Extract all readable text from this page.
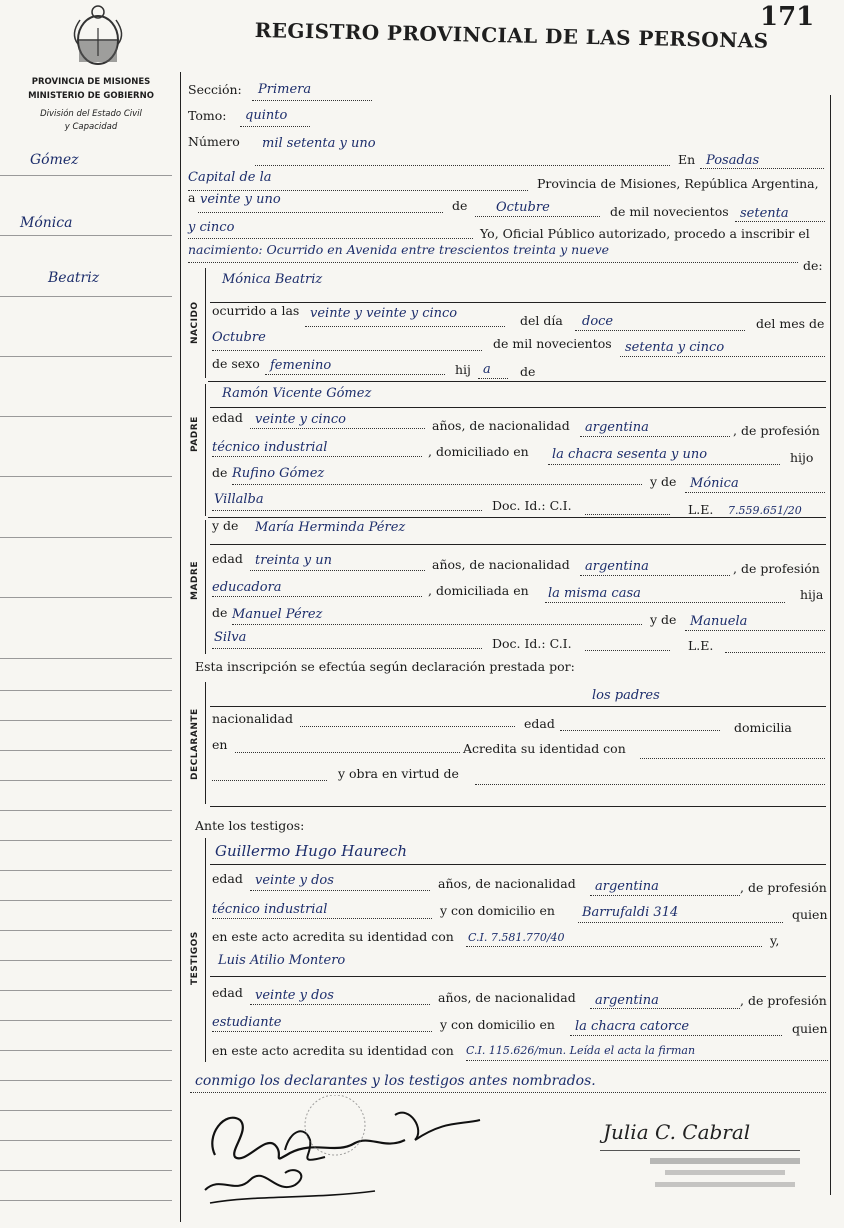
171
REGISTRO PROVINCIAL DE LAS PERSONAS
PROVINCIA DE MISIONES
MINISTERIO DE GOBIERNO
División del Estado Civil
y Capacidad
Gómez
Mónica
Beatriz
Sección: Primera
Tomo: quinto
Número mil setenta y uno
En Posadas
Capital de la	Provincia de Misiones, República Argentina,
a veinte y uno	de Octubre	de mil novecientos setenta
y cinco	Yo, Oficial Público autorizado, procedo a inscribir el
nacimiento: Ocurrido en Avenida entre trescientos treinta y nueve
de:
NACIDO
Mónica Beatriz
ocurrido a las veinte y veinte y cinco	del día doce	del mes de
Octubre	de mil novecientos setenta y cinco
de sexo femenino	hij a de
PADRE
Ramón Vicente Gómez
edad veinte y cinco	años, de nacionalidad argentina	, de profesión
técnico industrial	, domiciliado en la chacra sesenta y uno	hijo
de Rufino Gómez
y de Mónica
Villalba	Doc. Id.: C.I.	L.E. 7.559.651/20
MADRE
y de María Herminda Pérez
edad treinta y un	años, de nacionalidad argentina	, de profesión
educadora	, domiciliada en la misma casa	hija
de Manuel Pérez	y de Manuela
Silva	Doc. Id.: C.I.	L.E.
Esta inscripción se efectúa según declaración prestada por:
DECLARANTE
los padres
nacionalidad	edad	domicilia
en	Acredita su identidad con
y obra en virtud de
Ante los testigos:
TESTIGOS
Guillermo Hugo Haurech
edad veinte y dos	años, de nacionalidad argentina	, de profesión
técnico industrial	y con domicilio en Barrufaldi 314	quien
en este acto acredita su identidad con C.I. 7.581.770/40	y,
Luis Atilio Montero
edad veinte y dos	años, de nacionalidad argentina	, de profesión
estudiante	y con domicilio en la chacra catorce	quien
en este acto acredita su identidad con C.I. 115.626/mun. Leída el acta la firman
conmigo los declarantes y los testigos antes nombrados.
Julia C. Cabral
